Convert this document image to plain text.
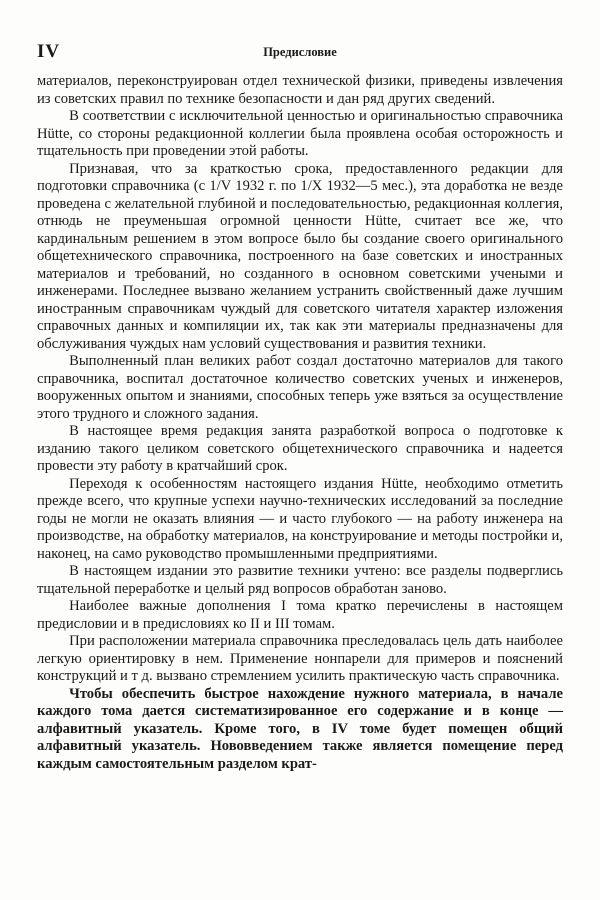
IV	Предисловие

материалов, переконструирован отдел технической физики, приведены извлечения из советских правил по технике безопасности и дан ряд других сведений.

В соответствии с исключительной ценностью и оригинальностью справочника Hütte, со стороны редакционной коллегии была проявлена особая осторожность и тщательность при проведении этой работы.

Признавая, что за краткостью срока, предоставленного редакции для подготовки справочника (с 1/V 1932 г. по 1/X 1932—5 мес.), эта доработка не везде проведена с желательной глубиной и последовательностью, редакционная коллегия, отнюдь не преуменьшая огромной ценности Hütte, считает все же, что кардинальным решением в этом вопросе было бы создание своего оригинального общетехнического справочника, построенного на базе советских и иностранных материалов и требований, но созданного в основном советскими учеными и инженерами. Последнее вызвано желанием устранить свойственный даже лучшим иностранным справочникам чуждый для советского читателя характер изложения справочных данных и компиляции их, так как эти материалы предназначены для обслуживания чуждых нам условий существования и развития техники.

Выполненный план великих работ создал достаточно материалов для такого справочника, воспитал достаточное количество советских ученых и инженеров, вооруженных опытом и знаниями, способных теперь уже взяться за осуществление этого трудного и сложного задания.

В настоящее время редакция занята разработкой вопроса о подготовке к изданию такого целиком советского общетехнического справочника и надеется провести эту работу в кратчайший срок.

Переходя к особенностям настоящего издания Hütte, необходимо отметить прежде всего, что крупные успехи научно-технических исследований за последние годы не могли не оказать влияния — и часто глубокого — на работу инженера на производстве, на обработку материалов, на конструирование и методы постройки и, наконец, на само руководство промышленными предприятиями.

В настоящем издании это развитие техники учтено: все разделы подверглись тщательной переработке и целый ряд вопросов обработан заново.

Наиболее важные дополнения I тома кратко перечислены в настоящем предисловии и в предисловиях ко II и III томам.

При расположении материала справочника преследовалась цель дать наиболее легкую ориентировку в нем. Применение нонпарели для примеров и пояснений конструкций и т д. вызвано стремлением усилить практическую часть справочника.

Чтобы обеспечить быстрое нахождение нужного материала, в начале каждого тома дается систематизированное его содержание и в конце — алфавитный указатель. Кроме того, в IV томе будет помещен общий алфавитный указатель. Нововведением также является помещение перед каждым самостоятельным разделом крат-
